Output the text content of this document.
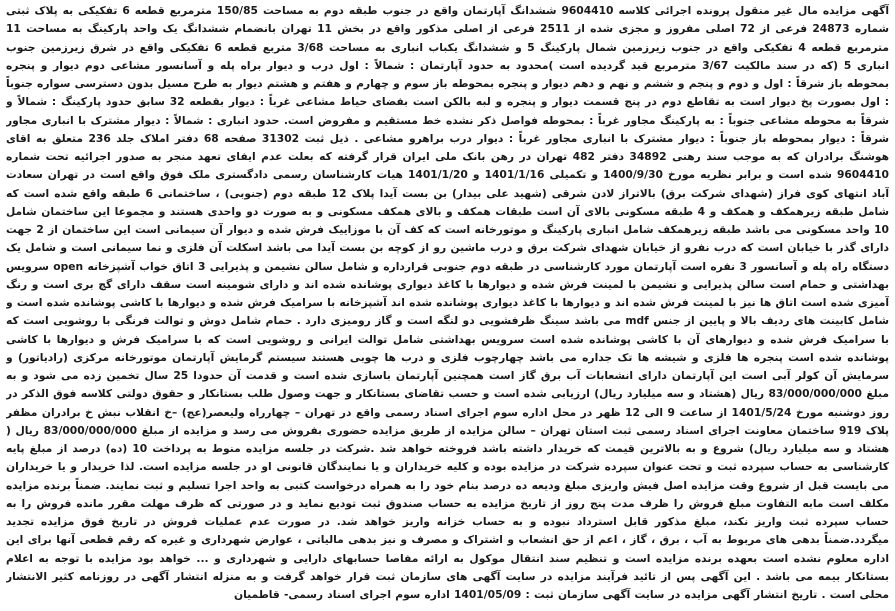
آگهی مزایده مال غیر منقول پرونده اجرائی کلاسه 9604410 ششدانگ آپارتمان واقع در جنوب طبقه دوم به مساحت 150/85 مترمربع قطعه 6 تفکیکی به پلاک ثبتی شماره 24873 فرعی از 72 اصلی مفروز و مجزی شده از 2511 فرعی از اصلی مذکور واقع در بخش 11 تهران بانضمام ششدانگ یک واحد پارکینگ به مساحت 11 مترمربع قطعه 4 تفکیکی واقع در جنوب زیرزمین شمال پارکینگ 5 و ششدانگ یکباب انباری به مساحت 3/68 متربع قطعه 6 تفکیکی واقع در شرق زیرزمین جنوب انباری 5 (که در سند مالکیت 3/67 مترمربع قید گردیده است )محدود به حدود آپارتمان : شمالاً : اول درب و دیوار براه پله و آسانسور مشاعی دوم دیوار و پنجره بمحوطه باز شرقاً : اول و دوم و پنجم و ششم و نهم و دهم دیوار و پنجره بمحوطه باز سوم و چهارم و هفتم و هشتم دیوار به طرح مسیل بدون دسترسی سواره جنوباً : اول بصورت پخ دیوار است به تقاطع دوم در پنج قسمت دیوار و پنجره و لبه بالکن است بفضای حیاط مشاعی غرباً : دیوار بقطعه 32 سابق حدود پارکینگ : شمالاً و شرقاً به محوطه مشاعی جنوباً : به پارکینگ مجاور غرباً : بمحوطه فواصل ذکر نشده خط مستقیم و مفروض است. حدود انباری : شمالاً : دیوار مشترک با انباری مجاور شرقاً : دیوار بمحوطه باز جنوباً : دیوار مشترک با انباری مجاور غرباً : دیوار درب براهرو مشاعی . ذیل ثبت 31302 صفحه 68 دفتر املاک جلد 236 متعلق به اقای هوشنگ برادران که به موجب سند رهنی 34892 دفتر 482 تهران در رهن بانک ملی ایران قرار گرفته که بعلت عدم ایفای تعهد منجر به صدور اجرائیه تحت شماره 9604410 شده است و برابر نظریه مورخ 1400/9/30 و تکمیلی 1401/1/16 و 1401/1/20 هیات کارشناسان رسمی دادگستری ملک فوق واقع است در تهران سعادت آباد انتهای کوی فراز (شهدای شرکت برق) بالاتراز لادن شرقی (شهید علی بیدار) بن بست آیدا پلاک 12 طبقه دوم (جنوبی) ، ساختمانی 6 طبقه واقع شده است که شامل طبقه زیرهمکف و همکف و 4 طبقه مسکونی بالای آن است طبقات همکف و بالای همکف مسکونی و به صورت دو واحدی هستند و مجموعا این ساختمان شامل 10 واحد مسکونی می باشد طبقه زیرهمکف شامل انباری پارکینگ و موتورخانه است که کف آن با موزاییک فرش شده و دیوار آن سیمانی است این ساختمان از 2 جهت دارای گذر با خیابان است که درب نفرو از خیابان شهدای شرکت برق و درب ماشین رو از کوچه بن بست آیدا می باشد اسکلت آن فلزی و نما سیمانی است و شامل یک دستگاه راه پله و آسانسور 3 نفره است آپارتمان مورد کارشناسی در طبقه دوم جنوبی قرارداره و شامل سالن نشیمن و پذیرایی 3 اتاق خواب آشپزخانه open سرویس بهداشتی و حمام است سالن پذیرایی و نشیمن با لمینت فرش شده و دیوارها با کاغذ دیواری پوشانده شده اند و دارای شومینه است سقف دارای گچ بری است و رنگ آمیزی شده است اتاق ها نیز با لمینت فرش شده اند و دیوارها با کاغذ دیواری پوشانده شده اند آشپزخانه با سرامیک فرش شده و دیوارها با کاشی پوشانده شده است و شامل کابینت های ردیف بالا و پایین از جنس mdf می باشد سینگ ظرفشویی دو لنگه است و گاز رومیزی دارد . حمام شامل دوش و توالت فرنگی با روشویی است که با سرامیک فرش شده و دیوارهای آن با کاشی پوشانده شده است سرویس بهداشتی شامل توالت ایرانی و روشویی است که با سرامیک فرش و دیوارها با کاشی پوشانده شده است پنجره ها فلزی و شیشه ها تک جداره می باشد چهارچوب فلزی و درب ها چوبی هستند سیستم گرمایش آپارتمان موتورخانه مرکزی (رادیاتور) و سرمایش آن کولر آبی است این آپارتمان دارای انشعابات آب برق گاز است همچنین آپارتمان باسازی شده است و قدمت آن حدودا 25 سال تخمین زده می شود و به مبلغ 83/000/000/000 ریال (هشتاد و سه میلیارد ریال) ارزیابی شده است و حسب تقاضای بستانکار و جهت وصول طلب بستانکار و حقوق دولتی کلاسه فوق الذکر در روز دوشنبه مورخ 1401/5/24 از ساعت 9 الی 12 ظهر در محل اداره سوم اجرای اسناد رسمی واقع در تهران – چهارراه ولیعصر(عج) –خ انقلاب نبش خ برادران مظفر پلاک 919 ساختمان معاونت اجرای اسناد رسمی ثبت استان تهران – سالن مزایده از طریق مزایده حضوری بفروش می رسد و مزایده از مبلغ 83/000/000/000 ریال ( هشتاد و سه میلیارد ریال) شروع و به بالاترین قیمت که خریدار داشته باشد فروخته خواهد شد .شرکت در جلسه مزایده منوط به پرداخت 10 (ده) درصد از مبلغ پایه کارشناسی به حساب سپرده ثبت و تحت عنوان سپرده شرکت در مزایده بوده و کلیه خریداران و یا نمایندگان قانونی او در جلسه مزایده است. لذا خریدار و یا خریداران می بایست قبل از شروع وقت مزایده اصل فیش واریزی مبلغ ودیعه ده درصد بنام خود را به همراه درخواست کتبی به واحد اجرا تسلیم و ثبت نمایند. ضمناً برنده مزایده مکلف است مابه التفاوت مبلغ فروش را ظرف مدت پنج روز از تاریخ مزایده به حساب صندوق ثبت تودیع نماید و در صورتی که ظرف مهلت مقرر مانده فروش را به حساب سپرده ثبت واریز نکند، مبلغ مذکور قابل استرداد نبوده و به حساب خزانه واریز خواهد شد. در صورت عدم عملیات فروش در تاریخ فوق مزایده تجدید میگردد.ضمناً بدهی های مربوط به آب ، برق ، گاز ، اعم از حق انشعاب و اشتراک و مصرف و نیز بدهی مالیاتی ، عوارض شهرداری و غیره که رقم قطعی آنها برای این اداره معلوم نشده است بعهده برنده مزایده است و تنظیم سند انتقال موکول به ارائه مفاصا حسابهای دارایی و شهرداری و ... خواهد بود مزایده با توجه به اعلام بستانکار بیمه می باشد . این آگهی پس از تائید فرآیند مزایده در سایت آگهی های سازمان ثبت قرار خواهد گرفت و به منزله انتشار آگهی در روزنامه کثیر الانتشار محلی است . تاریخ انتشار آگهی مزایده در سایت آگهی سازمان ثبت : 1401/05/09 اداره سوم اجرای اسناد رسمی- قاطمیان
